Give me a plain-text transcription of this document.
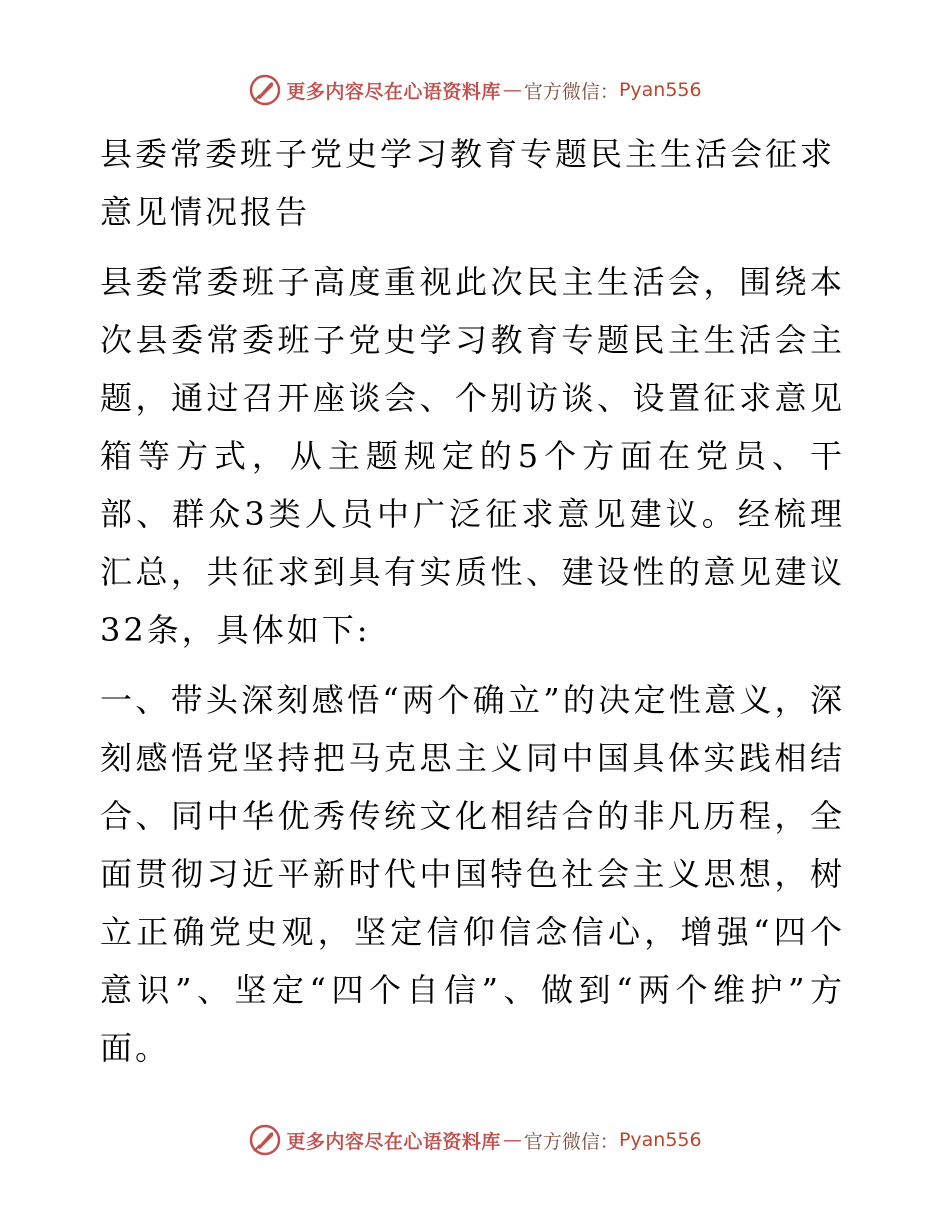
更多内容尽在心语资料库 — 官方微信： Pyan556
县委常委班子党史学习教育专题民主生活会征求意见情况报告

县委常委班子高度重视此次民主生活会，围绕本次县委常委班子党史学习教育专题民主生活会主题，通过召开座谈会、个别访谈、设置征求意见箱等方式，从主题规定的5个方面在党员、干部、群众3类人员中广泛征求意见建议。经梳理汇总，共征求到具有实质性、建设性的意见建议32条，具体如下:

一、带头深刻感悟“两个确立”的决定性意义，深刻感悟党坚持把马克思主义同中国具体实践相结合、同中华优秀传统文化相结合的非凡历程，全面贯彻习近平新时代中国特色社会主义思想，树立正确党史观，坚定信仰信念信心，增强“四个意识”、坚定“四个自信”、做到“两个维护”方面。

更多内容尽在心语资料库 — 官方微信： Pyan556
